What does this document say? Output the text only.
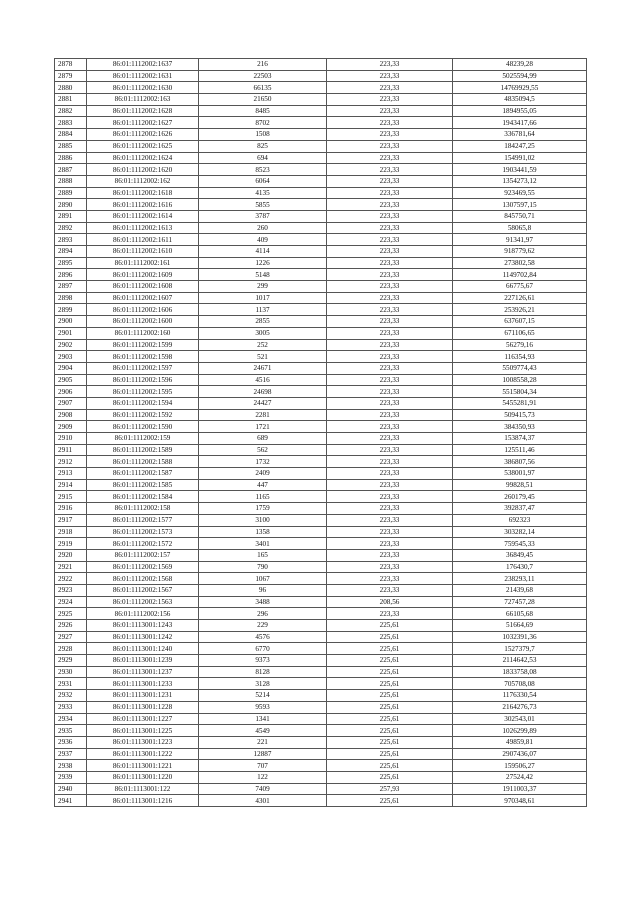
2878	86:01:1112002:1637	216	223,33	48239,28
2879	86:01:1112002:1631	22503	223,33	5025594,99
2880	86:01:1112002:1630	66135	223,33	14769929,55
2881	86:01:1112002:163	21650	223,33	4835094,5
2882	86:01:1112002:1628	8485	223,33	1894955,05
2883	86:01:1112002:1627	8702	223,33	1943417,66
2884	86:01:1112002:1626	1508	223,33	336781,64
2885	86:01:1112002:1625	825	223,33	184247,25
2886	86:01:1112002:1624	694	223,33	154991,02
2887	86:01:1112002:1620	8523	223,33	1903441,59
2888	86:01:1112002:162	6064	223,33	1354273,12
2889	86:01:1112002:1618	4135	223,33	923469,55
2890	86:01:1112002:1616	5855	223,33	1307597,15
2891	86:01:1112002:1614	3787	223,33	845750,71
2892	86:01:1112002:1613	260	223,33	58065,8
2893	86:01:1112002:1611	409	223,33	91341,97
2894	86:01:1112002:1610	4114	223,33	918779,62
2895	86:01:1112002:161	1226	223,33	273802,58
2896	86:01:1112002:1609	5148	223,33	1149702,84
2897	86:01:1112002:1608	299	223,33	66775,67
2898	86:01:1112002:1607	1017	223,33	227126,61
2899	86:01:1112002:1606	1137	223,33	253926,21
2900	86:01:1112002:1600	2855	223,33	637607,15
2901	86:01:1112002:160	3005	223,33	671106,65
2902	86:01:1112002:1599	252	223,33	56279,16
2903	86:01:1112002:1598	521	223,33	116354,93
2904	86:01:1112002:1597	24671	223,33	5509774,43
2905	86:01:1112002:1596	4516	223,33	1008558,28
2906	86:01:1112002:1595	24698	223,33	5515804,34
2907	86:01:1112002:1594	24427	223,33	5455281,91
2908	86:01:1112002:1592	2281	223,33	509415,73
2909	86:01:1112002:1590	1721	223,33	384350,93
2910	86:01:1112002:159	689	223,33	153874,37
2911	86:01:1112002:1589	562	223,33	125511,46
2912	86:01:1112002:1588	1732	223,33	386807,56
2913	86:01:1112002:1587	2409	223,33	538001,97
2914	86:01:1112002:1585	447	223,33	99828,51
2915	86:01:1112002:1584	1165	223,33	260179,45
2916	86:01:1112002:158	1759	223,33	392837,47
2917	86:01:1112002:1577	3100	223,33	692323
2918	86:01:1112002:1573	1358	223,33	303282,14
2919	86:01:1112002:1572	3401	223,33	759545,33
2920	86:01:1112002:157	165	223,33	36849,45
2921	86:01:1112002:1569	790	223,33	176430,7
2922	86:01:1112002:1568	1067	223,33	238293,11
2923	86:01:1112002:1567	96	223,33	21439,68
2924	86:01:1112002:1563	3488	208,56	727457,28
2925	86:01:1112002:156	296	223,33	66105,68
2926	86:01:1113001:1243	229	225,61	51664,69
2927	86:01:1113001:1242	4576	225,61	1032391,36
2928	86:01:1113001:1240	6770	225,61	1527379,7
2929	86:01:1113001:1239	9373	225,61	2114642,53
2930	86:01:1113001:1237	8128	225,61	1833758,08
2931	86:01:1113001:1233	3128	225,61	705708,08
2932	86:01:1113001:1231	5214	225,61	1176330,54
2933	86:01:1113001:1228	9593	225,61	2164276,73
2934	86:01:1113001:1227	1341	225,61	302543,01
2935	86:01:1113001:1225	4549	225,61	1026299,89
2936	86:01:1113001:1223	221	225,61	49859,81
2937	86:01:1113001:1222	12887	225,61	2907436,07
2938	86:01:1113001:1221	707	225,61	159506,27
2939	86:01:1113001:1220	122	225,61	27524,42
2940	86:01:1113001:122	7409	257,93	1911003,37
2941	86:01:1113001:1216	4301	225,61	970348,61
